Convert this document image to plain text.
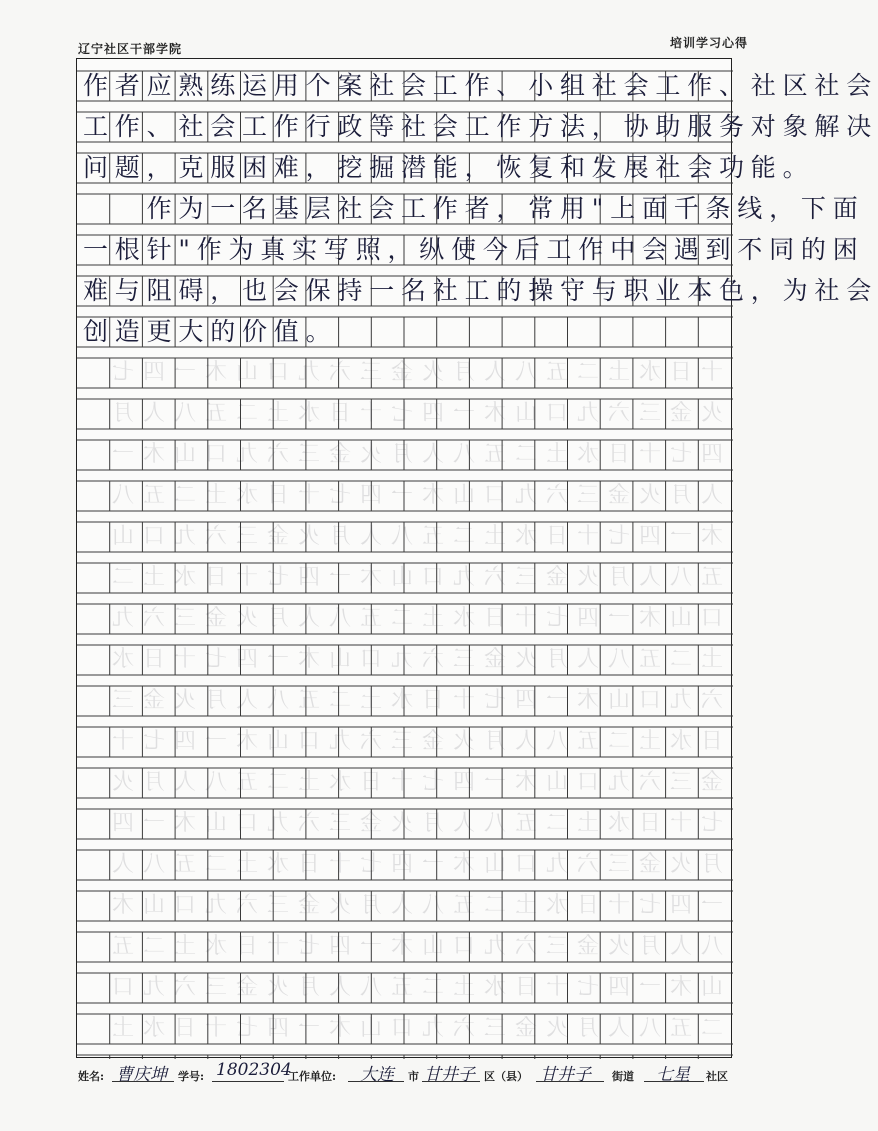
辽宁社区干部学院	培训学习心得
十日水土二五八人月火金三六九口山木一四七
火金三六九口山木一四七十日水土二五八人月
四七十日水土二五八人月火金三六九口山木一
人月火金三六九口山木一四七十日水土二五八
木一四七十日水土二五八人月火金三六九口山
五八人月火金三六九口山木一四七十日水土二
口山木一四七十日水土二五八人月火金三六九
土二五八人月火金三六九口山木一四七十日水
六九口山木一四七十日水土二五八人月火金三
日水土二五八人月火金三六九口山木一四七十
金三六九口山木一四七十日水土二五八人月火
七十日水土二五八人月火金三六九口山木一四
月火金三六九口山木一四七十日水土二五八人
一四七十日水土二五八人月火金三六九口山木
八人月火金三六九口山木一四七十日水土二五
山木一四七十日水土二五八人月火金三六九口
二五八人月火金三六九口山木一四七十日水土
作者应熟练运用个案社会工作、小组社会工作、社区社会
工作、社会工作行政等社会工作方法，协助服务对象解决
问题，克服困难，挖掘潜能，恢复和发展社会功能。
　　作为一名基层社会工作者，常用"上面千条线，下面
一根针"作为真实写照，纵使今后工作中会遇到不同的困
难与阻碍，也会保持一名社工的操守与职业本色，为社会
创造更大的价值。
姓名: 曹庆坤 学号: 1802304
工作单位: 大连 市 甘井子 区（县） 甘井子 街道 七星 社区
